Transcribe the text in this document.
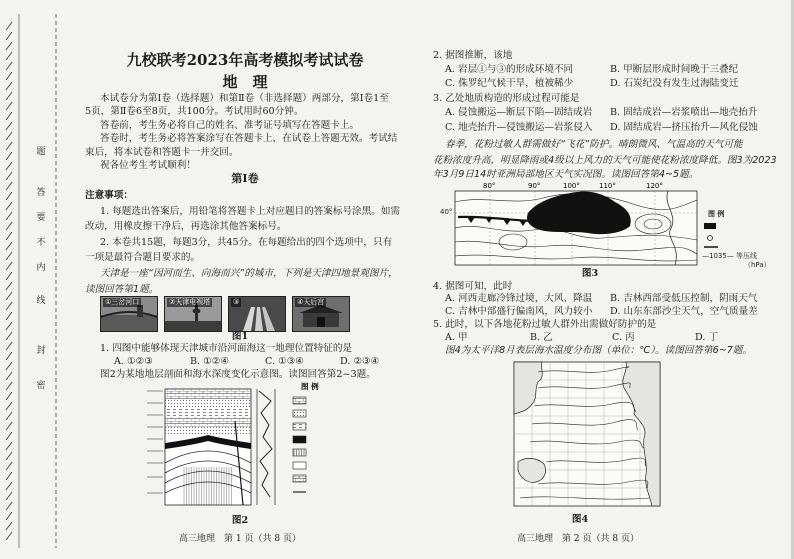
题
答
要
不
内
线
封
密
九校联考2023年高考模拟考试试卷
地　理
本试卷分为第Ⅰ卷（选择题）和第Ⅱ卷（非选择题）两部分，第Ⅰ卷1至
5页，第Ⅱ卷6至8页，共100分。考试用时60分钟。
答卷前，考生务必将自己的姓名、准考证号填写在答题卡上。
答卷时，考生务必将答案涂写在答题卡上，在试卷上答题无效。考试结
束后，将本试卷和答题卡一并交回。
祝各位考生考试顺利！
第Ⅰ卷
注意事项：
1. 每题选出答案后，用铅笔将答题卡上对应题目的答案标号涂黑。如需
改动，用橡皮擦干净后，再选涂其他答案标号。
2. 本卷共15题，每题3分，共45分。在每题给出的四个选项中，只有
一项是最符合题目要求的。
天津是一座“因河而生、向海而兴”的城市，下列是天津四地景观图片，
读图回答第1题。
①三岔河口	②天津电视塔	③	④天后宫
图1
1. 四图中能够体现天津城市沿河面海这一地理位置特征的是
A. ①②③	B. ①②④	C. ①③④	D. ②③④
图2为某地地层剖面和海水深度变化示意图。读图回答第2~3题。
图 例
图2
高三地理　第 1 页（共 8 页）
2. 据图推断，该地
A. 岩层①与③的形成环境不同	B. 甲断层形成时间晚于三叠纪
C. 侏罗纪气候干旱，植被稀少	D. 石炭纪没有发生过海陆变迁
3. 乙处地质构造的形成过程可能是
A. 侵蚀搬运—断层下陷—固结成岩 B. 固结成岩—岩浆喷出—地壳抬升
C. 地壳抬升—侵蚀搬运—岩浆侵入 D. 固结成岩—挤压抬升—风化侵蚀
春季，花粉过敏人群需做好“飞花”防护。晴朗微风、气温高的天气可能
花粉浓度升高，明显降雨或4级以上风力的天气可能使花粉浓度降低。图3为2023
年3月9日14时亚洲局部地区天气实况图。读图回答第4~5题。
80°	90°	100°	110°	120°
40°	图 例
—1035— 等压线
（hPa）
图3
4. 据图可知，此时
A. 河西走廊冷锋过境，大风、降温 B. 吉林西部受低压控制，阴雨天气
C. 吉林中部盛行偏南风，风力较小 D. 山东东部沙尘天气，空气质量差
5. 此时，以下各地花粉过敏人群外出需做好防护的是
A. 甲	B. 乙	C. 丙	D. 丁
图4为太平洋8月表层海水温度分布图（单位：℃）。读图回答第6~7题。
图4
高三地理　第 2 页（共 8 页）
